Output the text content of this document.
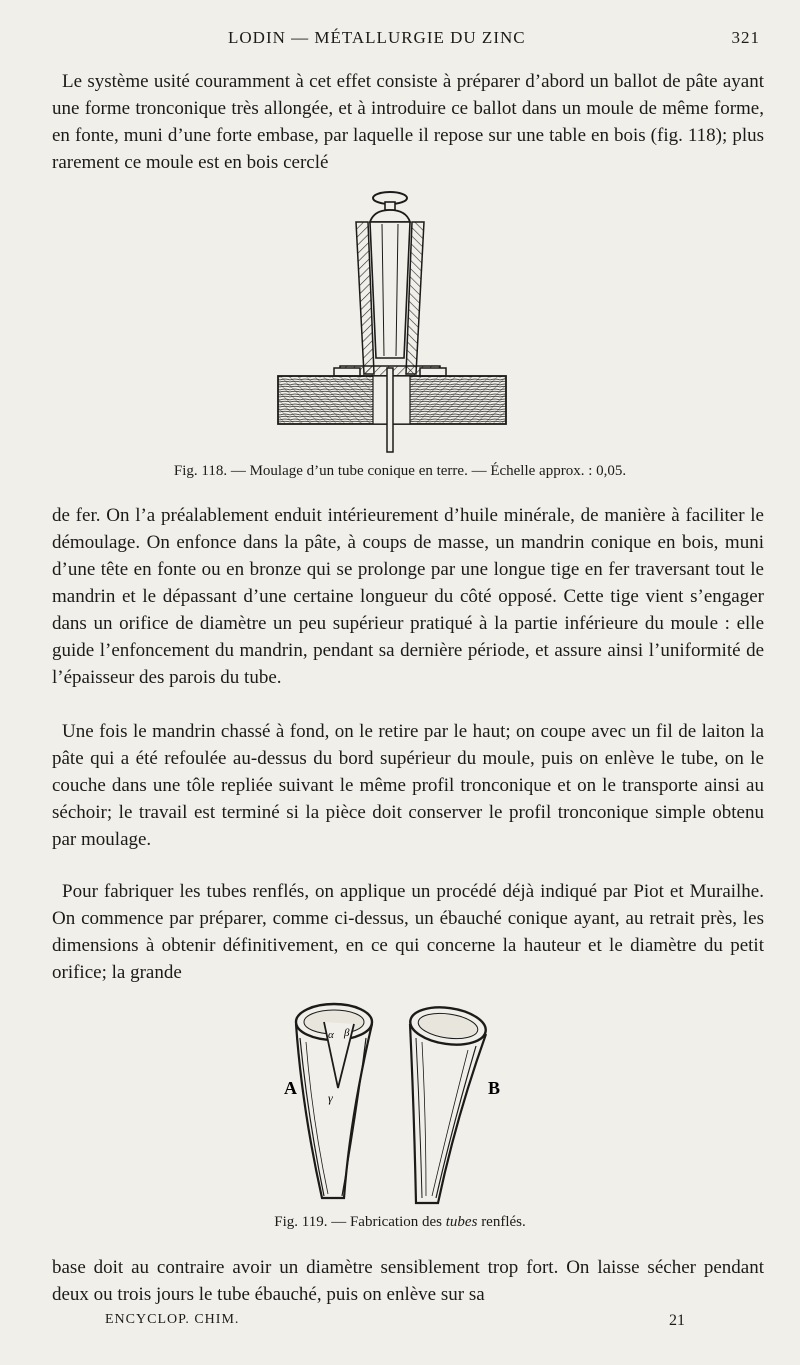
LODIN — MÉTALLURGIE DU ZINC	321

Le système usité couramment à cet effet consiste à préparer d’abord un ballot de pâte ayant une forme tronconique très allongée, et à introduire ce ballot dans un moule de même forme, en fonte, muni d’une forte embase, par laquelle il repose sur une table en bois (fig. 118); plus rarement ce moule est en bois cerclé

Fig. 118. — Moulage d’un tube conique en terre. — Échelle approx. : 0,05.

de fer. On l’a préalablement enduit intérieurement d’huile minérale, de manière à faciliter le démoulage. On enfonce dans la pâte, à coups de masse, un mandrin conique en bois, muni d’une tête en fonte ou en bronze qui se prolonge par une longue tige en fer traversant tout le mandrin et le dépassant d’une certaine longueur du côté opposé. Cette tige vient s’engager dans un orifice de diamètre un peu supérieur pratiqué à la partie inférieure du moule : elle guide l’enfoncement du mandrin, pendant sa dernière période, et assure ainsi l’uniformité de l’épaisseur des parois du tube.

Une fois le mandrin chassé à fond, on le retire par le haut; on coupe avec un fil de laiton la pâte qui a été refoulée au-dessus du bord supérieur du moule, puis on enlève le tube, on le couche dans une tôle repliée suivant le même profil tronconique et on le transporte ainsi au séchoir; le travail est terminé si la pièce doit conserver le profil tronconique simple obtenu par moulage.

Pour fabriquer les tubes renflés, on applique un procédé déjà indiqué par Piot et Murailhe. On commence par préparer, comme ci-dessus, un ébauché conique ayant, au retrait près, les dimensions à obtenir définitivement, en ce qui concerne la hauteur et le diamètre du petit orifice; la grande

α β
γ
A	B
Fig. 119. — Fabrication des tubes renflés.

base doit au contraire avoir un diamètre sensiblement trop fort. On laisse sécher pendant deux ou trois jours le tube ébauché, puis on enlève sur sa

ENCYCLOP. CHIM.	21
